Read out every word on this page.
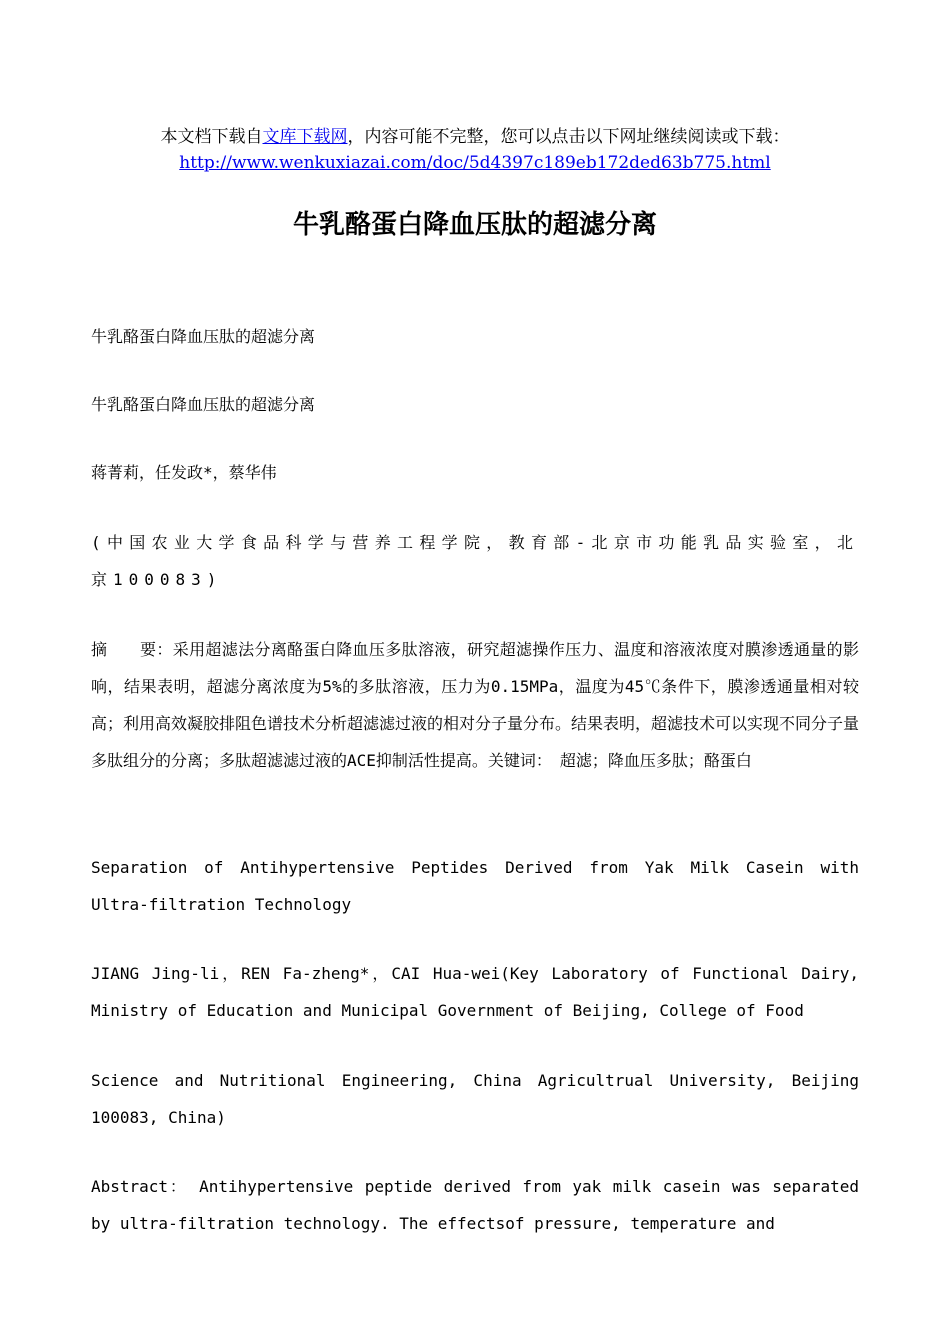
本文档下载自文库下载网，内容可能不完整，您可以点击以下网址继续阅读或下载：
http://www.wenkuxiazai.com/doc/5d4397c189eb172ded63b775.html
牛乳酪蛋白降血压肽的超滤分离

牛乳酪蛋白降血压肽的超滤分离

牛乳酪蛋白降血压肽的超滤分离

蒋菁莉，任发政*，蔡华伟

(中国农业大学食品科学与营养工程学院，教育部-北京市功能乳品实验室，北京100083)

摘　　要：采用超滤法分离酪蛋白降血压多肽溶液，研究超滤操作压力、温度和溶液浓度对膜渗透通量的影响，结果表明，超滤分离浓度为5%的多肽溶液，压力为0.15MPa，温度为45℃条件下，膜渗透通量相对较高；利用高效凝胶排阻色谱技术分析超滤滤过液的相对分子量分布。结果表明，超滤技术可以实现不同分子量多肽组分的分离；多肽超滤滤过液的ACE抑制活性提高。关键词：　超滤；降血压多肽；酪蛋白

Separation of Antihypertensive Peptides Derived from Yak Milk Casein with Ultra-filtration Technology

JIANG Jing-li，REN Fa-zheng*，CAI Hua-wei(Key Laboratory of Functional Dairy, Ministry of Education and Municipal Government of Beijing, College of Food

Science and Nutritional Engineering, China Agricultrual University, Beijing 100083, China)

Abstract： Antihypertensive peptide derived from yak milk casein was separated by ultra-filtration technology. The effectsof pressure, temperature and
